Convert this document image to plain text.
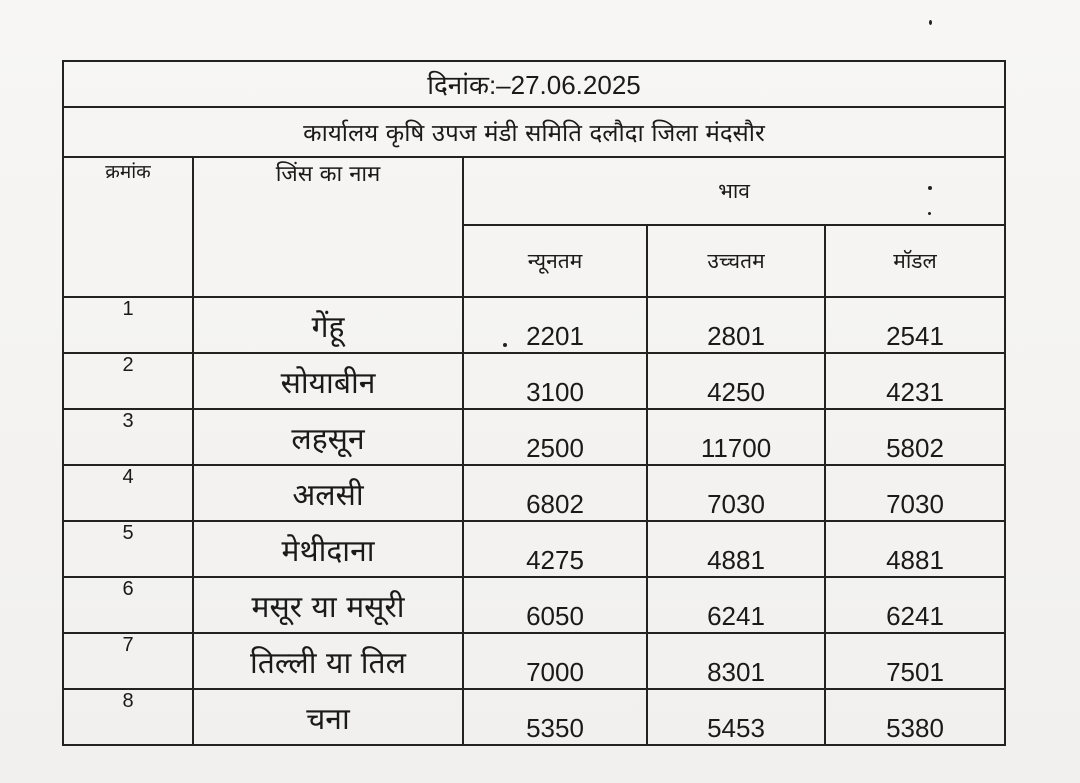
दिनांक:–27.06.2025				
कार्यालय कृषि उपज मंडी समिति दलौदा जिला मंदसौर				
क्रमांक	जिंस का नाम	भाव		
		न्यूनतम	उच्चतम	मॉडल
1	गेंहू	2201	2801	2541
2	सोयाबीन	3100	4250	4231
3	लहसून	2500	11700	5802
4	अलसी	6802	7030	7030
5	मेथीदाना	4275	4881	4881
6	मसूर या मसूरी	6050	6241	6241
7	तिल्ली या तिल	7000	8301	7501
8	चना	5350	5453	5380
